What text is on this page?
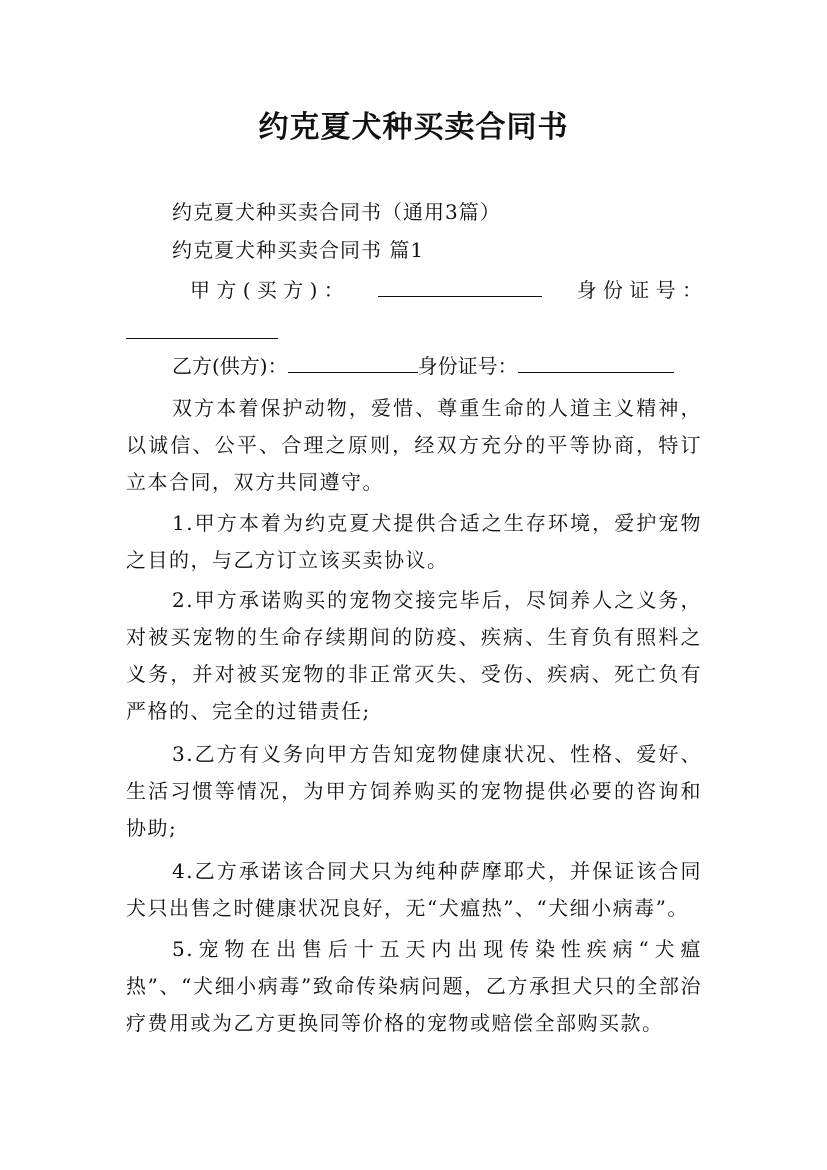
约克夏犬种买卖合同书
约克夏犬种买卖合同书（通用3篇）
约克夏犬种买卖合同书 篇1
甲 方 ( 买 方 ) ：	身 份 证 号 ：
乙方(供方)：	身份证号：

双方本着保护动物，爱惜、尊重生命的人道主义精神，以诚信、公平、合理之原则，经双方充分的平等协商，特订立本合同，双方共同遵守。

1.甲方本着为约克夏犬提供合适之生存环境，爱护宠物之目的，与乙方订立该买卖协议。

2.甲方承诺购买的宠物交接完毕后，尽饲养人之义务，对被买宠物的生命存续期间的防疫、疾病、生育负有照料之义务，并对被买宠物的非正常灭失、受伤、疾病、死亡负有严格的、完全的过错责任;

3.乙方有义务向甲方告知宠物健康状况、性格、爱好、生活习惯等情况，为甲方饲养购买的宠物提供必要的咨询和协助;

4.乙方承诺该合同犬只为纯种萨摩耶犬，并保证该合同犬只出售之时健康状况良好，无“犬瘟热”、“犬细小病毒”。

5.宠物在出售后十五天内出现传染性疾病“犬瘟热”、“犬细小病毒”致命传染病问题，乙方承担犬只的全部治疗费用或为乙方更换同等价格的宠物或赔偿全部购买款。
